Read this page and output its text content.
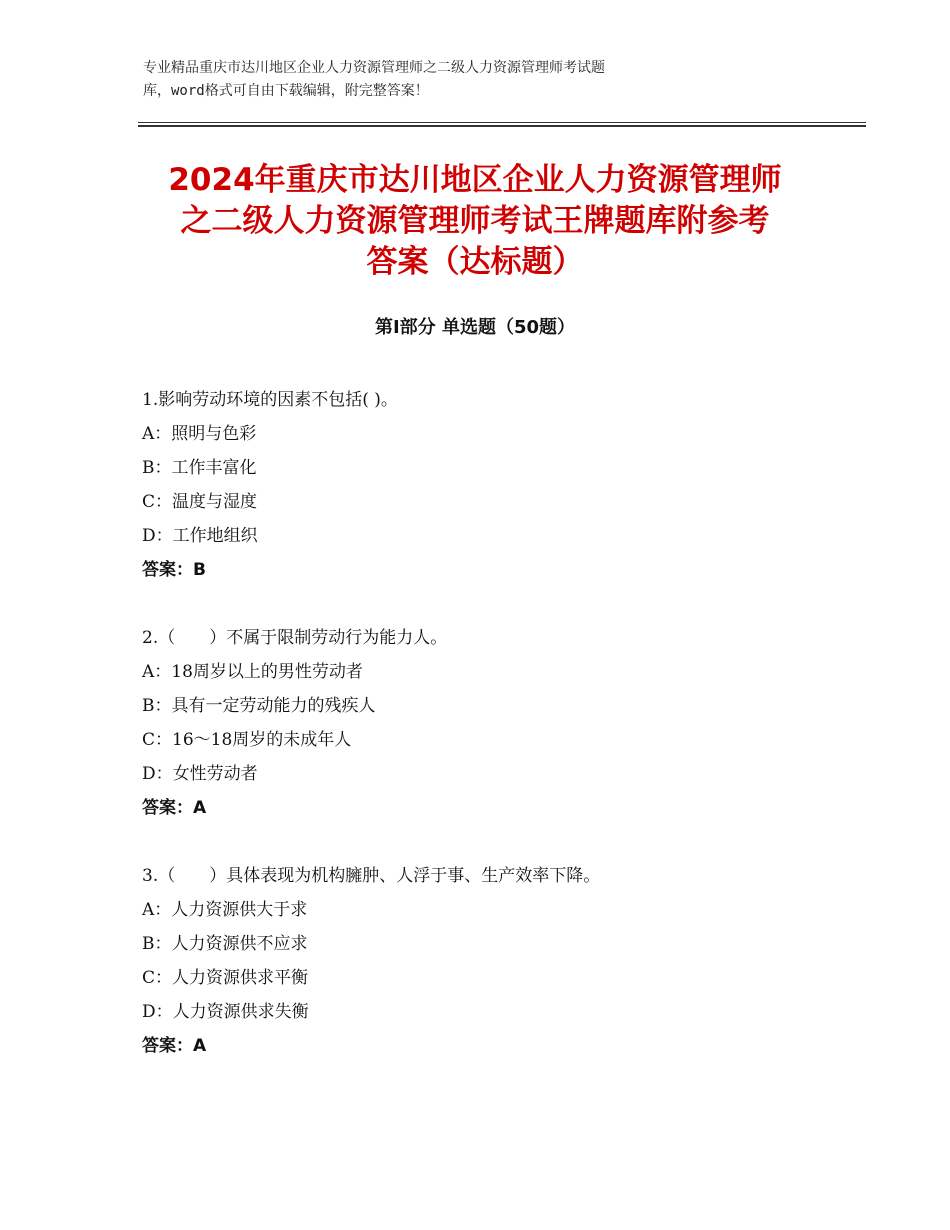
专业精品重庆市达川地区企业人力资源管理师之二级人力资源管理师考试题
库，word格式可自由下载编辑，附完整答案！
2024年重庆市达川地区企业人力资源管理师
之二级人力资源管理师考试王牌题库附参考
答案（达标题）
第Ⅰ部分 单选题（50题）
1.影响劳动环境的因素不包括( )。
A：照明与色彩
B：工作丰富化
C：温度与湿度
D：工作地组织
答案：B
2.（　　）不属于限制劳动行为能力人。
A：18周岁以上的男性劳动者
B：具有一定劳动能力的残疾人
C：16～18周岁的未成年人
D：女性劳动者
答案：A
3.（　　）具体表现为机构臃肿、人浮于事、生产效率下降。
A：人力资源供大于求
B：人力资源供不应求
C：人力资源供求平衡
D：人力资源供求失衡
答案：A
